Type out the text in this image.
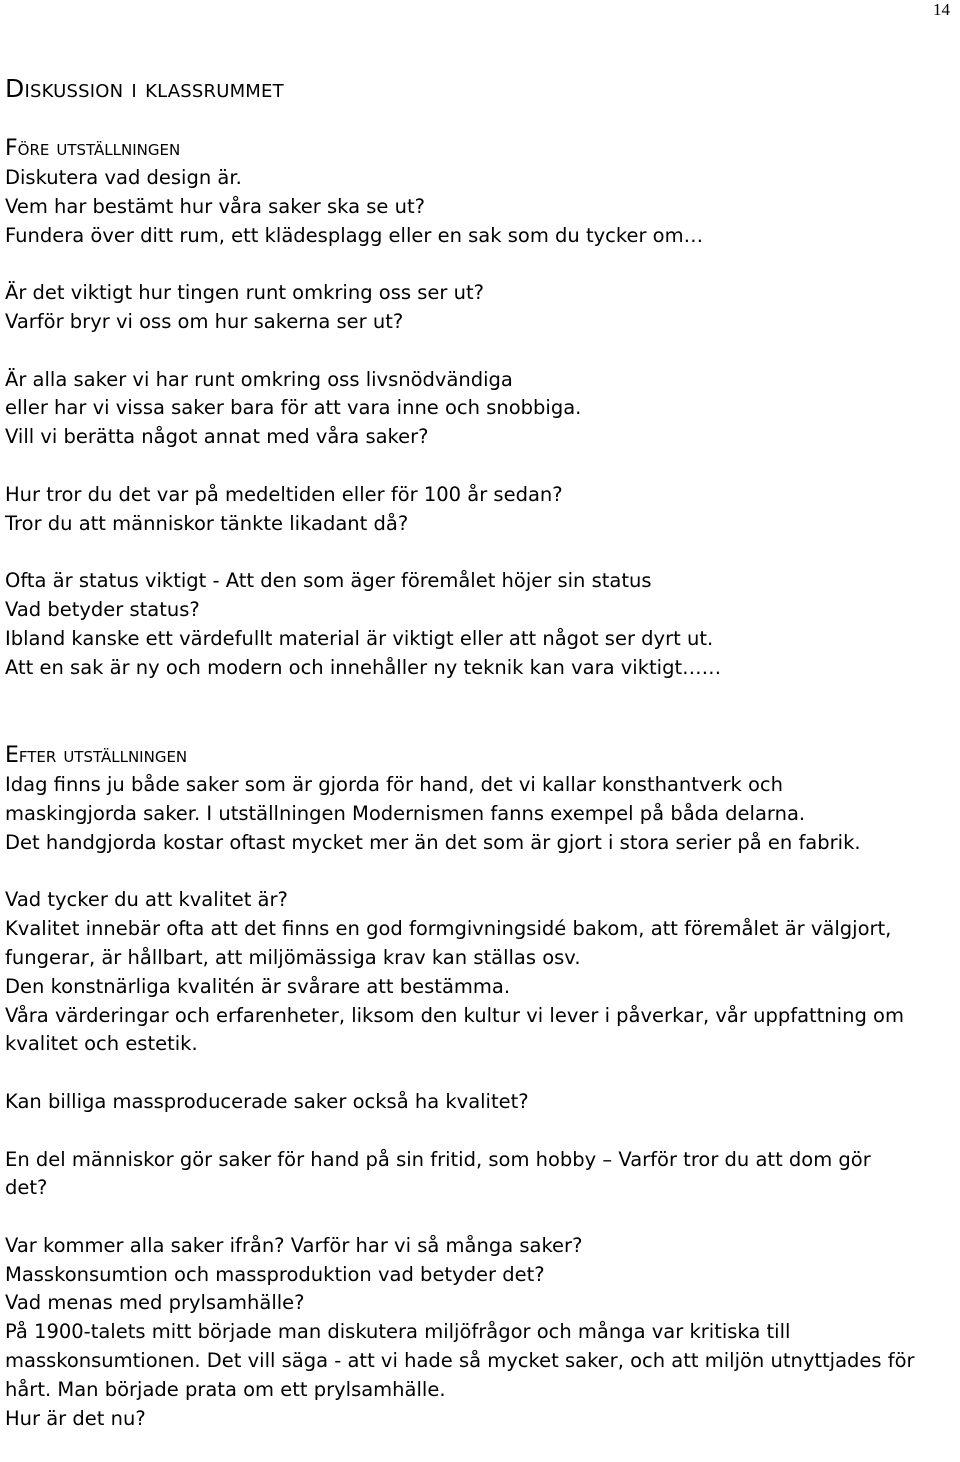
14
Diskussion i klassrummet
Före utställningen

Diskutera vad design är.
Vem har bestämt hur våra saker ska se ut?
Fundera över ditt rum, ett klädesplagg eller en sak som du tycker om…

Är det viktigt hur tingen runt omkring oss ser ut?
Varför bryr vi oss om hur sakerna ser ut?

Är alla saker vi har runt omkring oss livsnödvändiga
eller har vi vissa saker bara för att vara inne och snobbiga.
Vill vi berätta något annat med våra saker?

Hur tror du det var på medeltiden eller för 100 år sedan?
Tror du att människor tänkte likadant då?

Ofta är status viktigt - Att den som äger föremålet höjer sin status
Vad betyder status?
Ibland kanske ett värdefullt material är viktigt eller att något ser dyrt ut.
Att en sak är ny och modern och innehåller ny teknik kan vara viktigt……

Efter utställningen

Idag finns ju både saker som är gjorda för hand, det vi kallar konsthantverk och
maskingjorda saker. I utställningen Modernismen fanns exempel på båda delarna.
Det handgjorda kostar oftast mycket mer än det som är gjort i stora serier på en fabrik.

Vad tycker du att kvalitet är?
Kvalitet innebär ofta att det finns en god formgivningsidé bakom, att föremålet är välgjort,
fungerar, är hållbart, att miljömässiga krav kan ställas osv.
Den konstnärliga kvalitén är svårare att bestämma.
Våra värderingar och erfarenheter, liksom den kultur vi lever i påverkar, vår uppfattning om
kvalitet och estetik.

Kan billiga massproducerade saker också ha kvalitet?

En del människor gör saker för hand på sin fritid, som hobby – Varför tror du att dom gör
det?

Var kommer alla saker ifrån? Varför har vi så många saker?
Masskonsumtion och massproduktion vad betyder det?
Vad menas med prylsamhälle?
På 1900-talets mitt började man diskutera miljöfrågor och många var kritiska till
masskonsumtionen. Det vill säga - att vi hade så mycket saker, och att miljön utnyttjades för
hårt. Man började prata om ett prylsamhälle.
Hur är det nu?
